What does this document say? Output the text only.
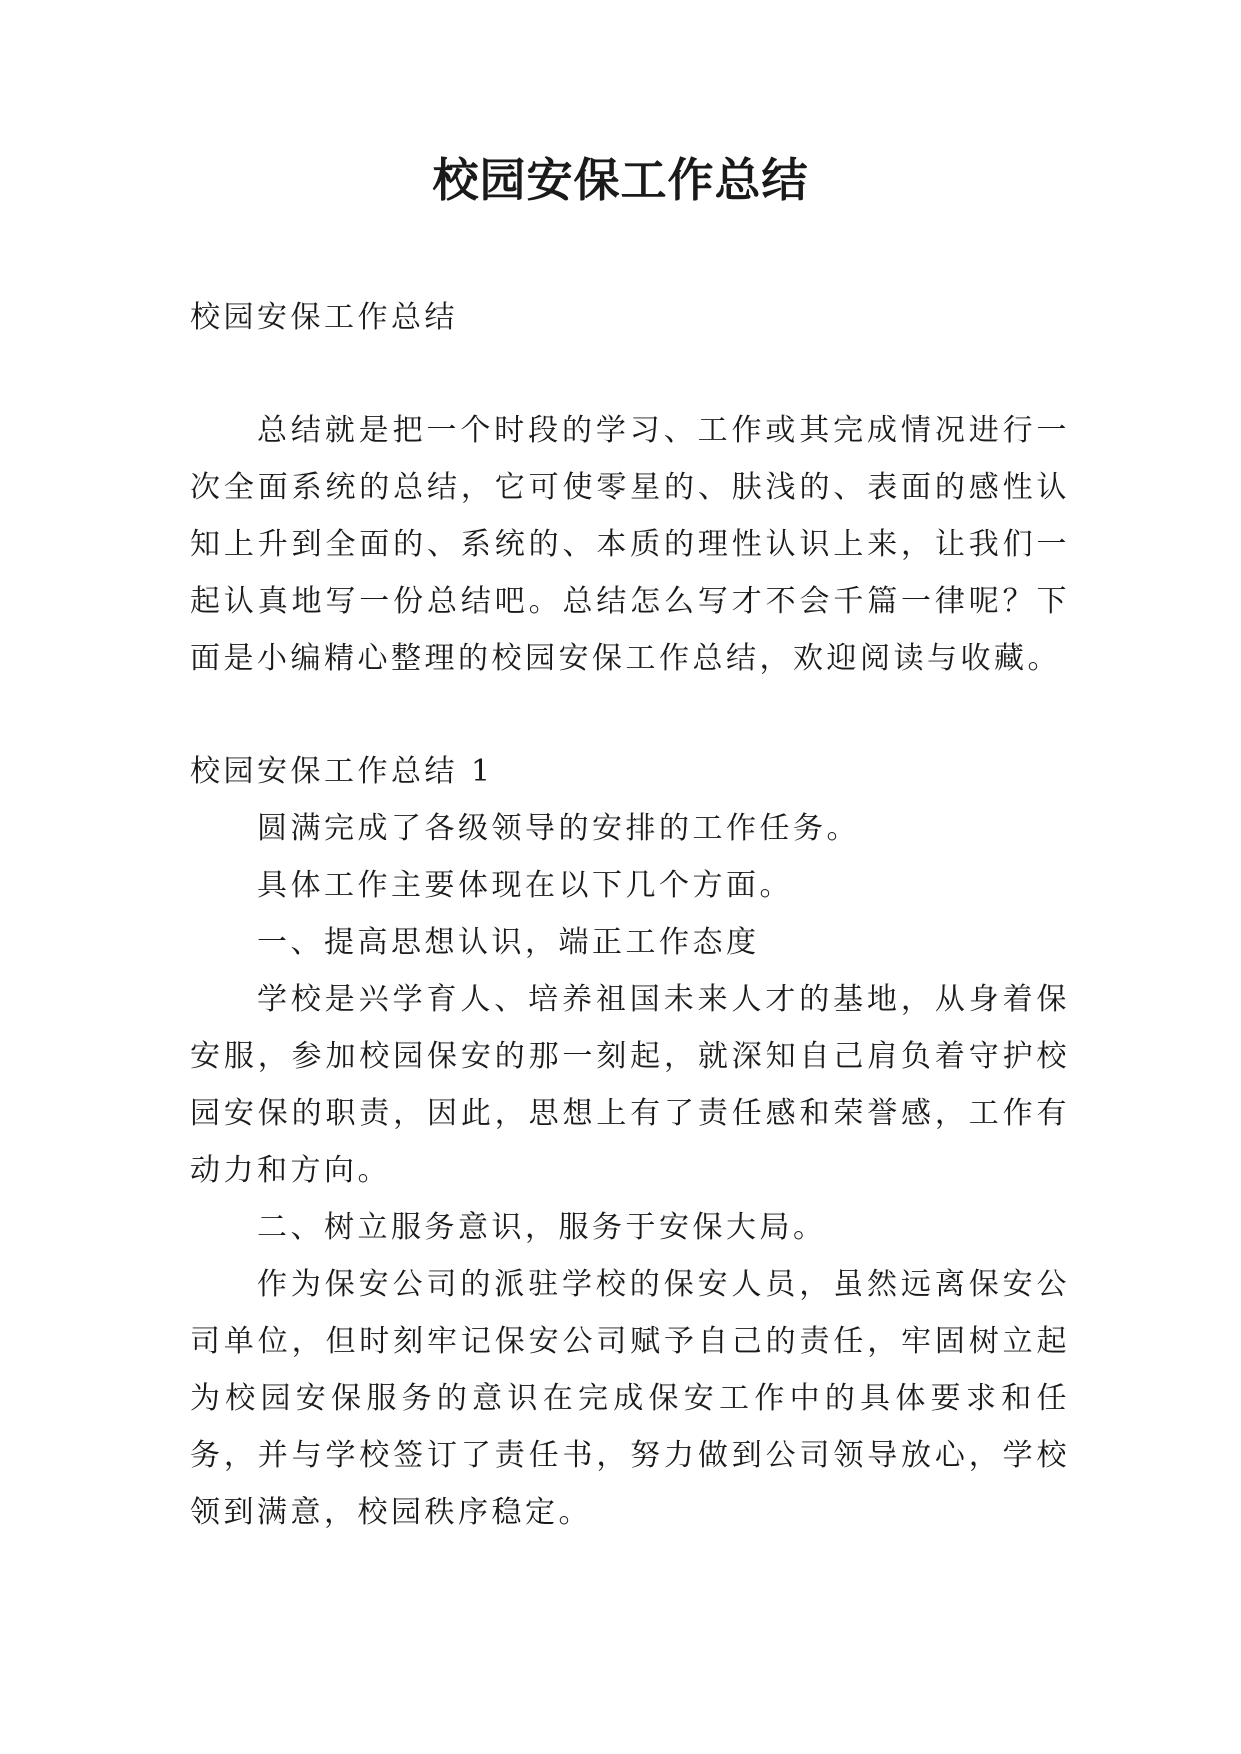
校园安保工作总结

校园安保工作总结

总结就是把一个时段的学习、工作或其完成情况进行一次全面系统的总结，它可使零星的、肤浅的、表面的感性认知上升到全面的、系统的、本质的理性认识上来，让我们一起认真地写一份总结吧。总结怎么写才不会千篇一律呢？下面是小编精心整理的校园安保工作总结，欢迎阅读与收藏。

校园安保工作总结 1

圆满完成了各级领导的安排的工作任务。

具体工作主要体现在以下几个方面。

一、提高思想认识，端正工作态度

学校是兴学育人、培养祖国未来人才的基地，从身着保安服，参加校园保安的那一刻起，就深知自己肩负着守护校园安保的职责，因此，思想上有了责任感和荣誉感，工作有动力和方向。

二、树立服务意识，服务于安保大局。

作为保安公司的派驻学校的保安人员，虽然远离保安公司单位，但时刻牢记保安公司赋予自己的责任，牢固树立起为校园安保服务的意识在完成保安工作中的具体要求和任务，并与学校签订了责任书，努力做到公司领导放心，学校领到满意，校园秩序稳定。
